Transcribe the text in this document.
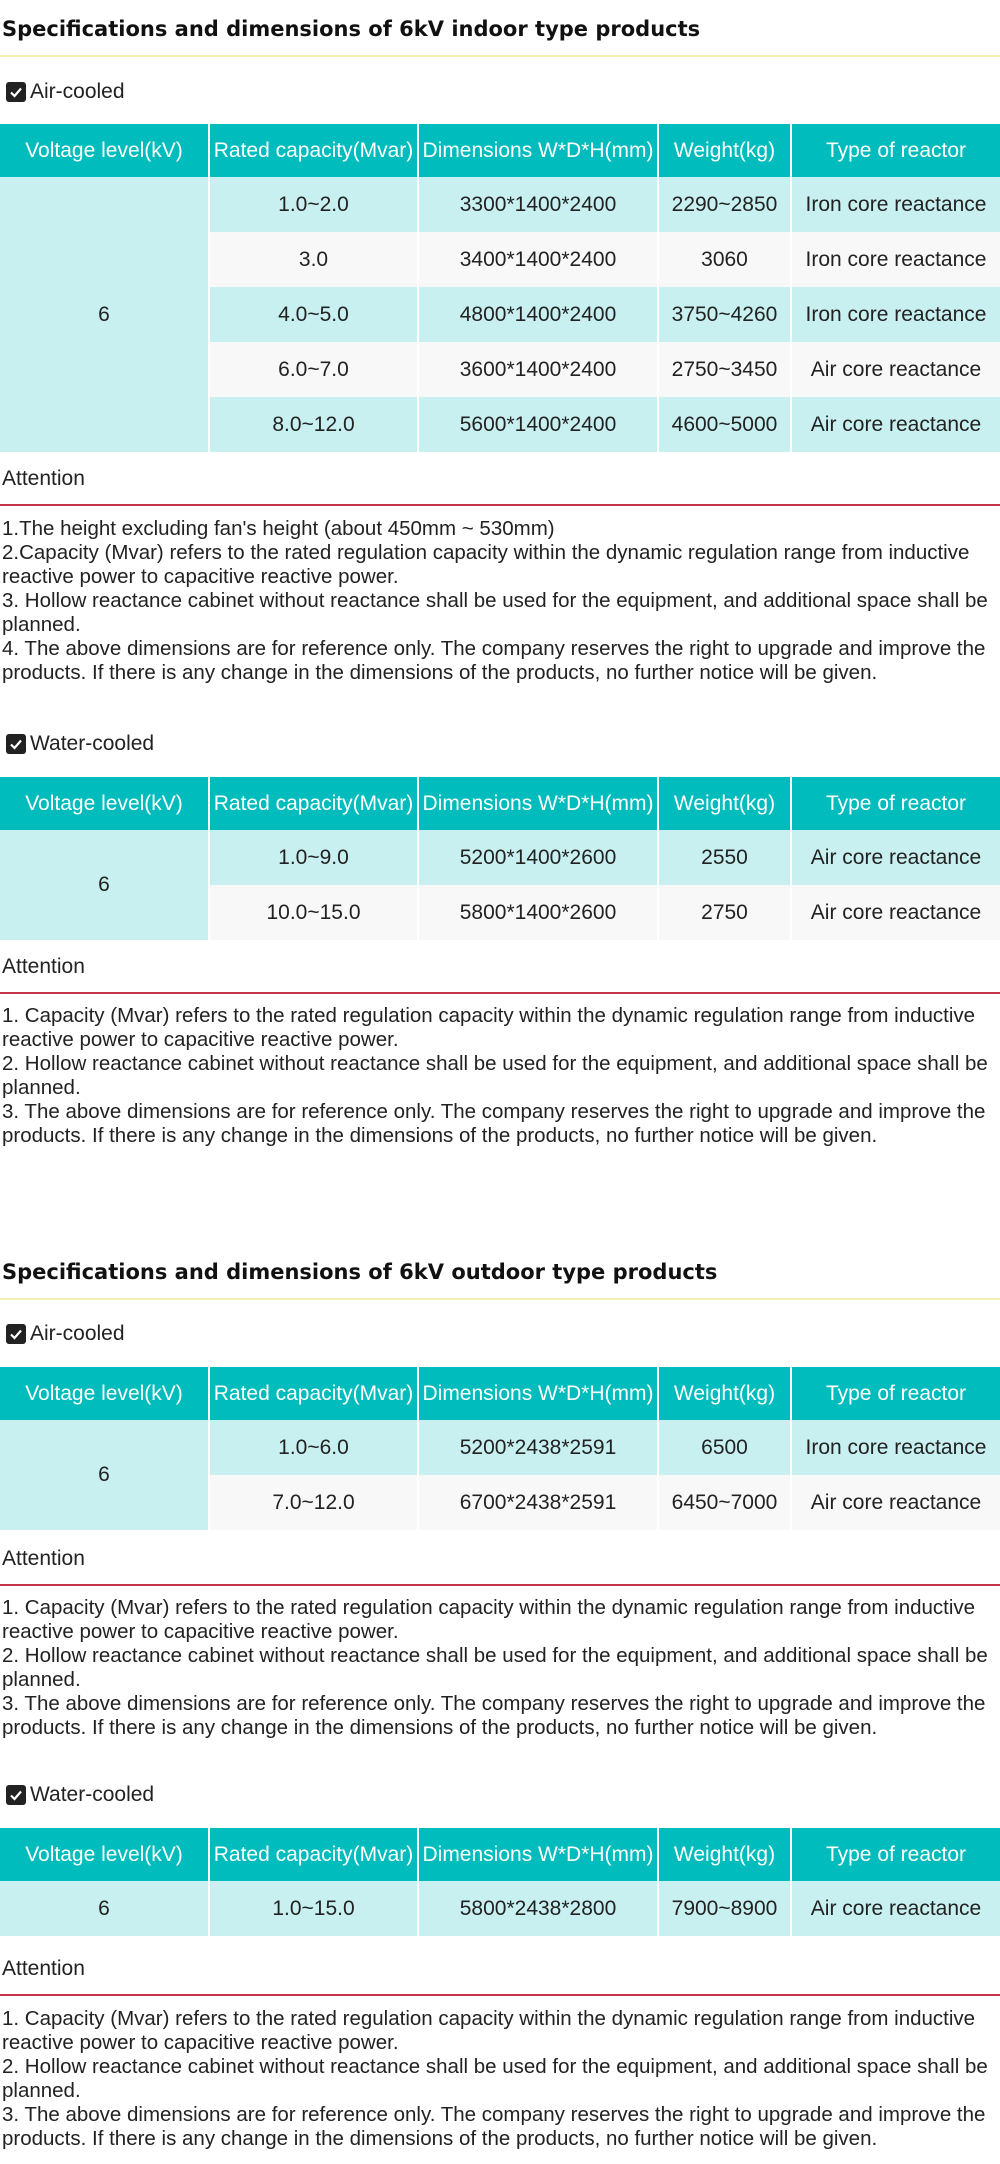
Specifications and dimensions of 6kV indoor type products
Air-cooled
Voltage level(kV)	Rated capacity(Mvar)	Dimensions W*D*H(mm)	Weight(kg)	Type of reactor
6	1.0~2.0	3300*1400*2400	2290~2850	Iron core reactance
	3.0	3400*1400*2400	3060	Iron core reactance
	4.0~5.0	4800*1400*2400	3750~4260	Iron core reactance
	6.0~7.0	3600*1400*2400	2750~3450	Air core reactance
	8.0~12.0	5600*1400*2400	4600~5000	Air core reactance
Attention
1.The height excluding fan's height (about 450mm ~ 530mm)
2.Capacity (Mvar) refers to the rated regulation capacity within the dynamic regulation range from inductive reactive power to capacitive reactive power.
3. Hollow reactance cabinet without reactance shall be used for the equipment, and additional space shall be planned.
4. The above dimensions are for reference only. The company reserves the right to upgrade and improve the products. If there is any change in the dimensions of the products, no further notice will be given.
Water-cooled
Voltage level(kV)	Rated capacity(Mvar)	Dimensions W*D*H(mm)	Weight(kg)	Type of reactor
6	1.0~9.0	5200*1400*2600	2550	Air core reactance
	10.0~15.0	5800*1400*2600	2750	Air core reactance
Attention
1. Capacity (Mvar) refers to the rated regulation capacity within the dynamic regulation range from inductive reactive power to capacitive reactive power.
2. Hollow reactance cabinet without reactance shall be used for the equipment, and additional space shall be planned.
3. The above dimensions are for reference only. The company reserves the right to upgrade and improve the products. If there is any change in the dimensions of the products, no further notice will be given.
Specifications and dimensions of 6kV outdoor type products
Air-cooled
Voltage level(kV)	Rated capacity(Mvar)	Dimensions W*D*H(mm)	Weight(kg)	Type of reactor
6	1.0~6.0	5200*2438*2591	6500	Iron core reactance
	7.0~12.0	6700*2438*2591	6450~7000	Air core reactance
Attention
1. Capacity (Mvar) refers to the rated regulation capacity within the dynamic regulation range from inductive reactive power to capacitive reactive power.
2. Hollow reactance cabinet without reactance shall be used for the equipment, and additional space shall be planned.
3. The above dimensions are for reference only. The company reserves the right to upgrade and improve the products. If there is any change in the dimensions of the products, no further notice will be given.
Water-cooled
Voltage level(kV)	Rated capacity(Mvar)	Dimensions W*D*H(mm)	Weight(kg)	Type of reactor
6	1.0~15.0	5800*2438*2800	7900~8900	Air core reactance
Attention
1. Capacity (Mvar) refers to the rated regulation capacity within the dynamic regulation range from inductive reactive power to capacitive reactive power.
2. Hollow reactance cabinet without reactance shall be used for the equipment, and additional space shall be planned.
3. The above dimensions are for reference only. The company reserves the right to upgrade and improve the products. If there is any change in the dimensions of the products, no further notice will be given.
